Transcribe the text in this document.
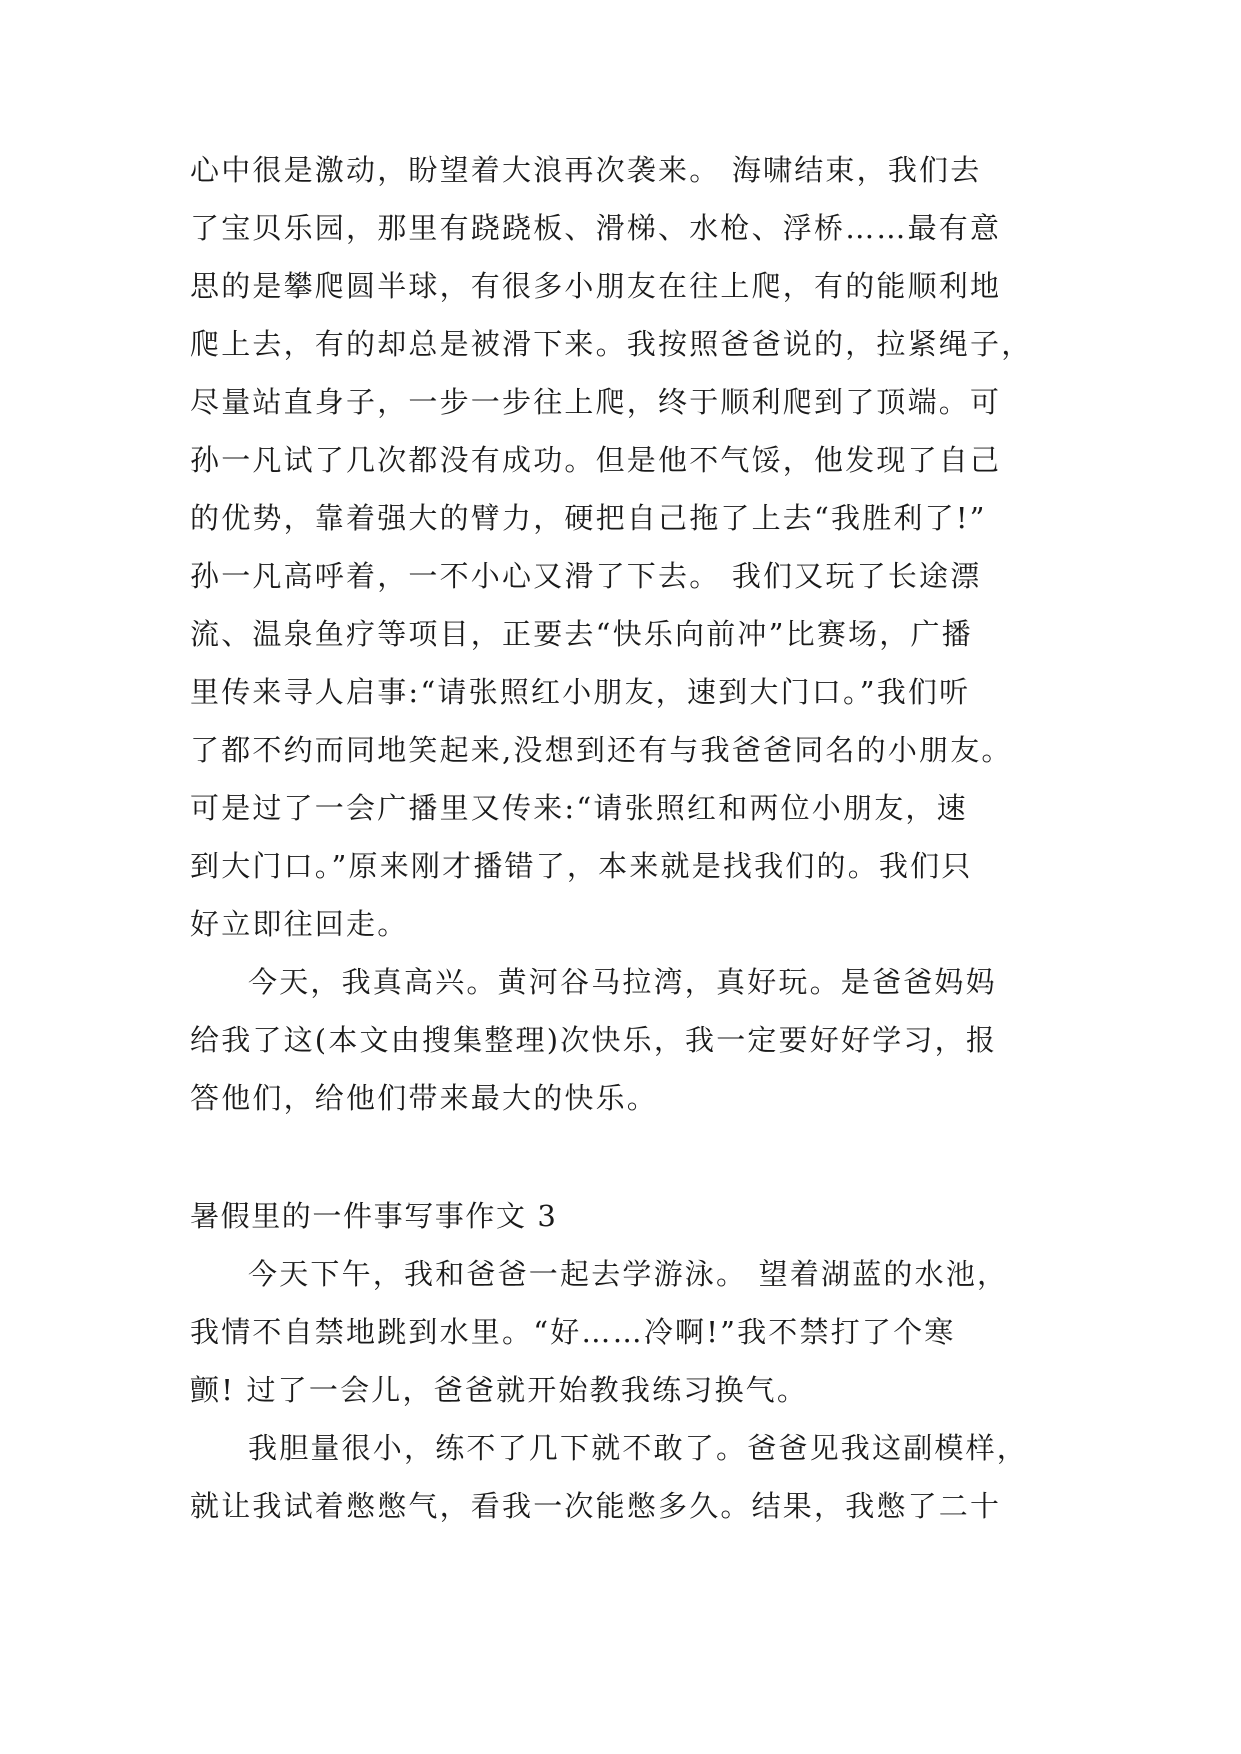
心中很是激动，盼望着大浪再次袭来。 海啸结束，我们去
了宝贝乐园，那里有跷跷板、滑梯、水枪、浮桥……最有意
思的是攀爬圆半球，有很多小朋友在往上爬，有的能顺利地
爬上去，有的却总是被滑下来。我按照爸爸说的，拉紧绳子，
尽量站直身子，一步一步往上爬，终于顺利爬到了顶端。可
孙一凡试了几次都没有成功。但是他不气馁，他发现了自己
的优势，靠着强大的臂力，硬把自己拖了上去“我胜利了!”
孙一凡高呼着，一不小心又滑了下去。 我们又玩了长途漂
流、温泉鱼疗等项目，正要去“快乐向前冲”比赛场，广播
里传来寻人启事:“请张照红小朋友，速到大门口。”我们听
了都不约而同地笑起来,没想到还有与我爸爸同名的小朋友。
可是过了一会广播里又传来:“请张照红和两位小朋友，速
到大门口。”原来刚才播错了，本来就是找我们的。我们只
好立即往回走。
今天，我真高兴。黄河谷马拉湾，真好玩。是爸爸妈妈
给我了这(本文由搜集整理)次快乐，我一定要好好学习，报
答他们，给他们带来最大的快乐。
暑假里的一件事写事作文 3
今天下午，我和爸爸一起去学游泳。 望着湖蓝的水池，
我情不自禁地跳到水里。“好……冷啊!”我不禁打了个寒
颤! 过了一会儿，爸爸就开始教我练习换气。
我胆量很小，练不了几下就不敢了。爸爸见我这副模样，
就让我试着憋憋气，看我一次能憋多久。结果，我憋了二十
